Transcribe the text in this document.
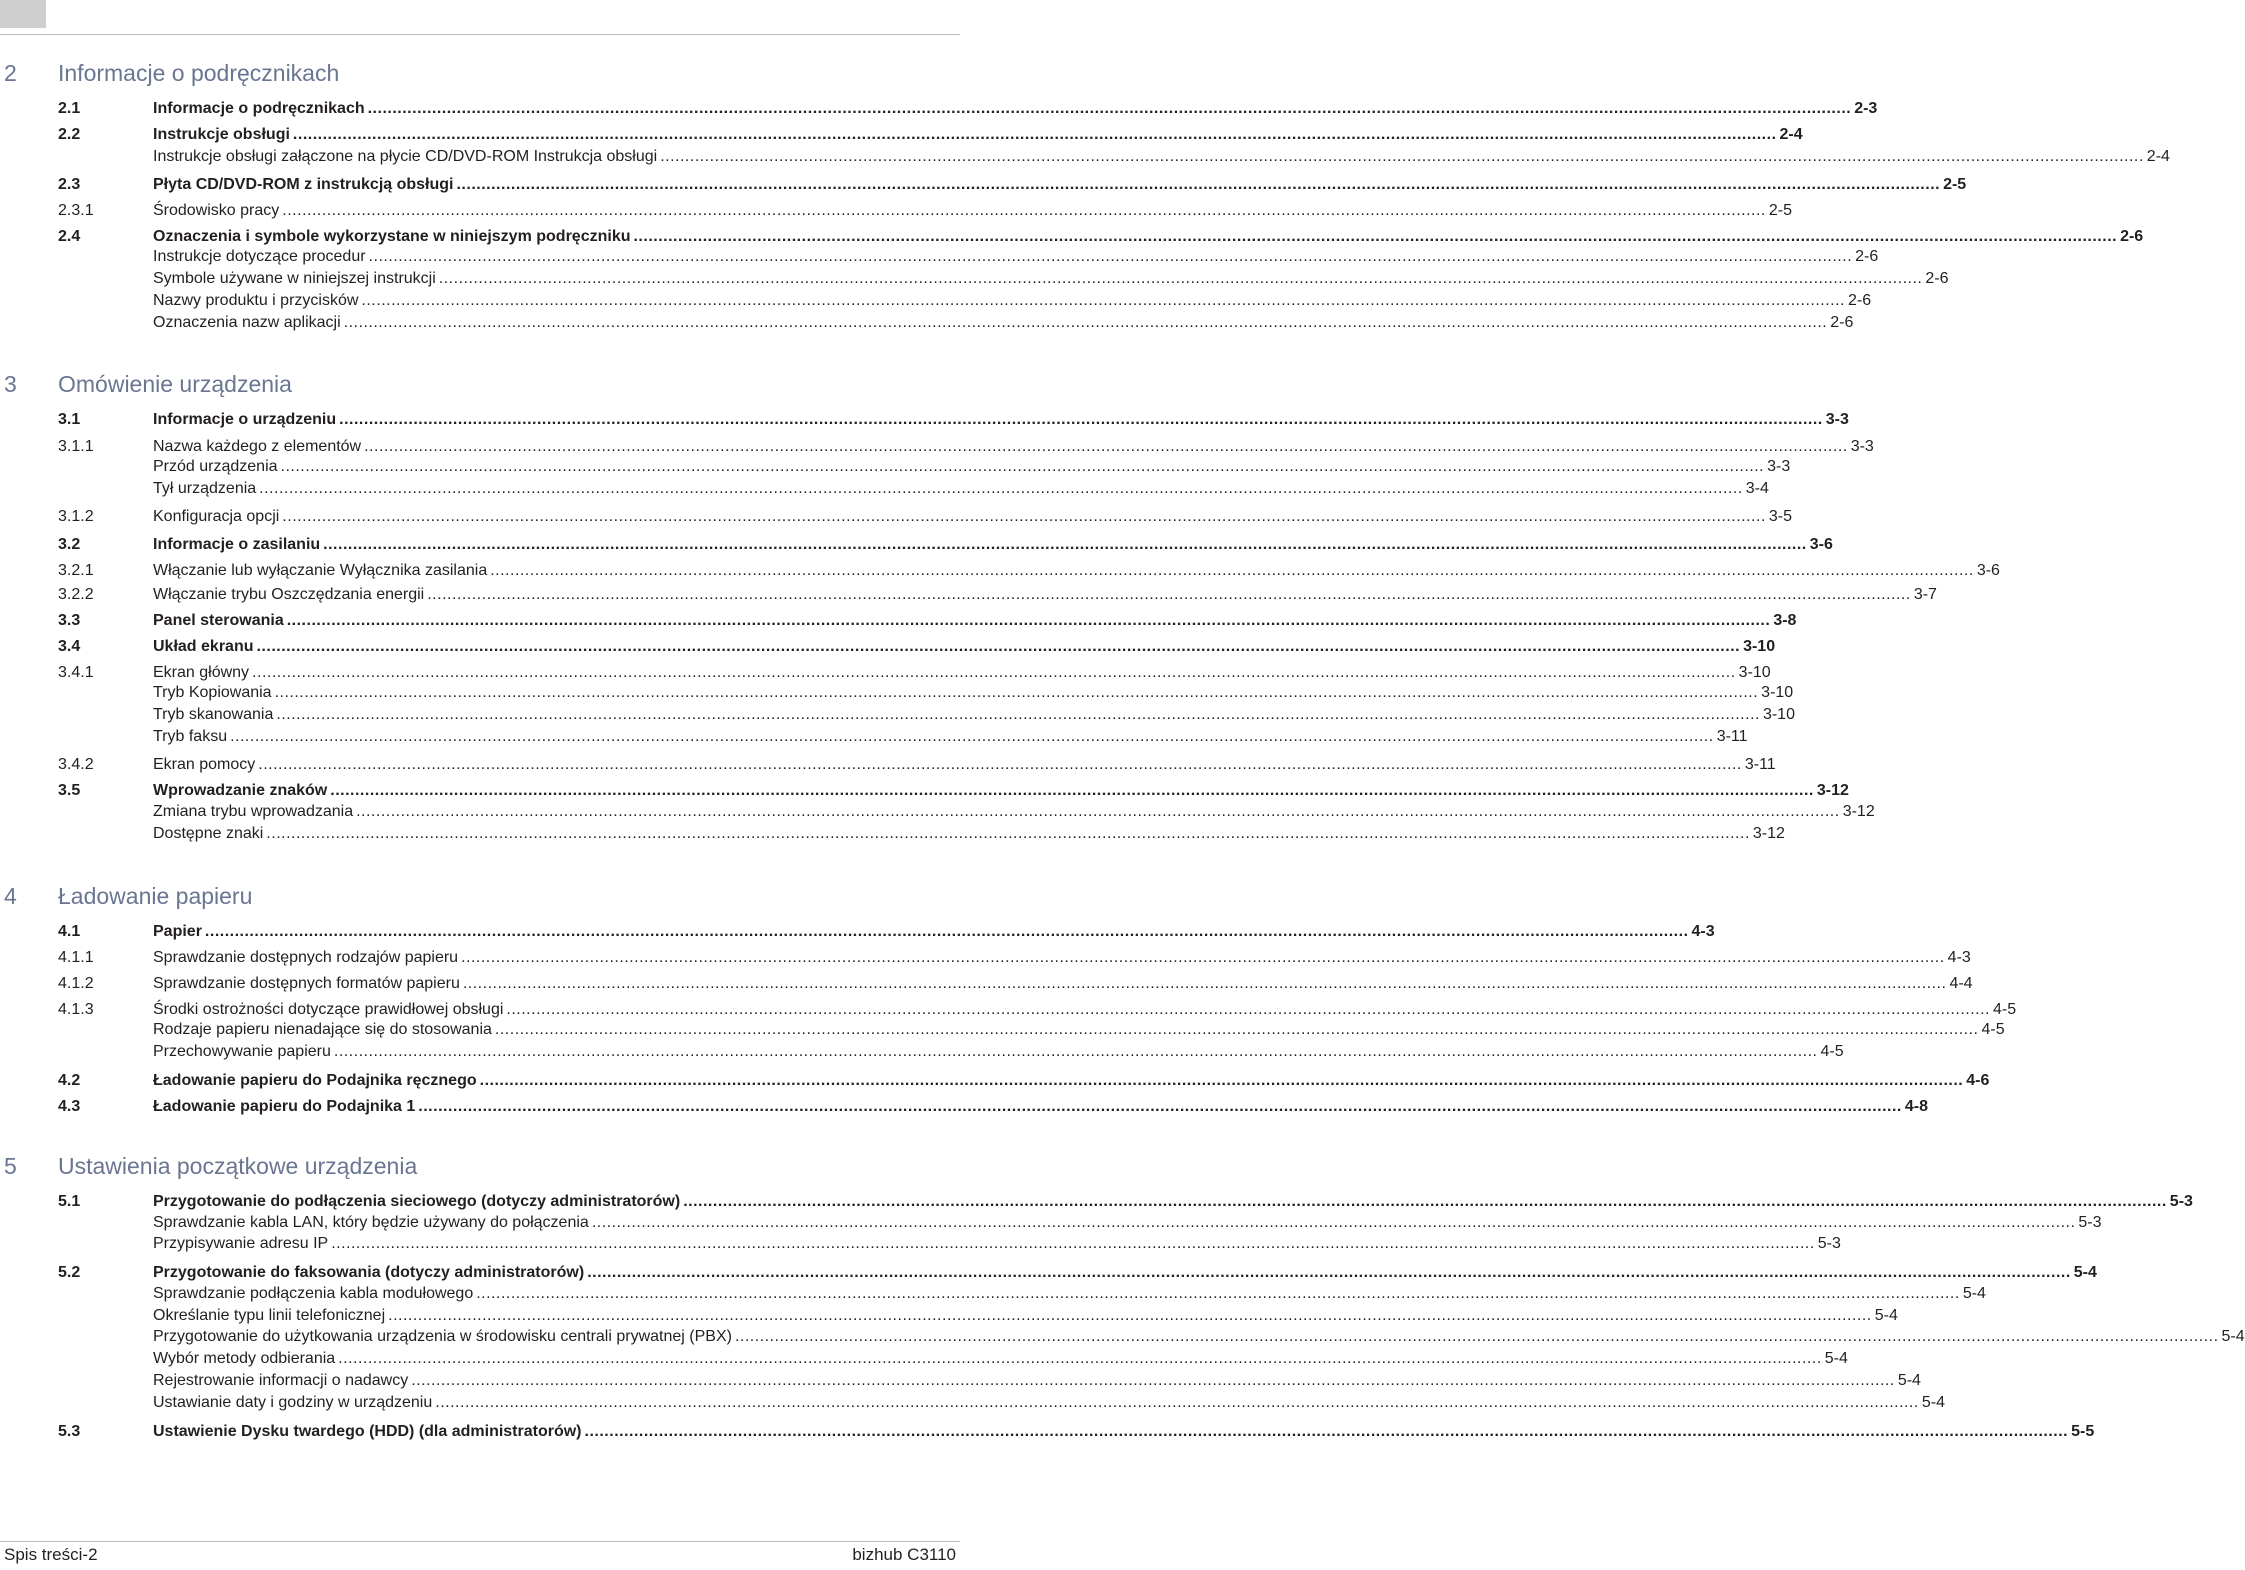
2 Informacje o podręcznikach
2.1	Informacje o podręcznikach ............................................................................................................................................................................................................................................................................................................ 2-3
2.2	Instrukcje obsługi ............................................................................................................................................................................................................................................................................................................ 2-4
Instrukcje obsługi załączone na płycie CD/DVD-ROM Instrukcja obsługi ............................................................................................................................................................................................................................................................................................................ 2-4
2.3	Płyta CD/DVD-ROM z instrukcją obsługi ............................................................................................................................................................................................................................................................................................................ 2-5
2.3.1	Środowisko pracy ............................................................................................................................................................................................................................................................................................................ 2-5
2.4	Oznaczenia i symbole wykorzystane w niniejszym podręczniku ............................................................................................................................................................................................................................................................................................................ 2-6
Instrukcje dotyczące procedur ............................................................................................................................................................................................................................................................................................................ 2-6
Symbole używane w niniejszej instrukcji ............................................................................................................................................................................................................................................................................................................ 2-6
Nazwy produktu i przycisków ............................................................................................................................................................................................................................................................................................................ 2-6
Oznaczenia nazw aplikacji ............................................................................................................................................................................................................................................................................................................ 2-6
3 Omówienie urządzenia
3.1	Informacje o urządzeniu ............................................................................................................................................................................................................................................................................................................ 3-3
3.1.1	Nazwa każdego z elementów ............................................................................................................................................................................................................................................................................................................ 3-3
Przód urządzenia ............................................................................................................................................................................................................................................................................................................ 3-3
Tył urządzenia ............................................................................................................................................................................................................................................................................................................ 3-4
3.1.2	Konfiguracja opcji ............................................................................................................................................................................................................................................................................................................ 3-5
3.2	Informacje o zasilaniu ............................................................................................................................................................................................................................................................................................................ 3-6
3.2.1	Włączanie lub wyłączanie Wyłącznika zasilania ............................................................................................................................................................................................................................................................................................................ 3-6
3.2.2	Włączanie trybu Oszczędzania energii ............................................................................................................................................................................................................................................................................................................ 3-7
3.3	Panel sterowania ............................................................................................................................................................................................................................................................................................................ 3-8
3.4	Układ ekranu ............................................................................................................................................................................................................................................................................................................ 3-10
3.4.1	Ekran główny ............................................................................................................................................................................................................................................................................................................ 3-10
Tryb Kopiowania ............................................................................................................................................................................................................................................................................................................ 3-10
Tryb skanowania ............................................................................................................................................................................................................................................................................................................ 3-10
Tryb faksu ............................................................................................................................................................................................................................................................................................................ 3-11
3.4.2	Ekran pomocy ............................................................................................................................................................................................................................................................................................................ 3-11
3.5	Wprowadzanie znaków ............................................................................................................................................................................................................................................................................................................ 3-12
Zmiana trybu wprowadzania ............................................................................................................................................................................................................................................................................................................ 3-12
Dostępne znaki ............................................................................................................................................................................................................................................................................................................ 3-12
4 Ładowanie papieru
4.1	Papier ............................................................................................................................................................................................................................................................................................................ 4-3
4.1.1	Sprawdzanie dostępnych rodzajów papieru ............................................................................................................................................................................................................................................................................................................ 4-3
4.1.2	Sprawdzanie dostępnych formatów papieru ............................................................................................................................................................................................................................................................................................................ 4-4
4.1.3	Środki ostrożności dotyczące prawidłowej obsługi ............................................................................................................................................................................................................................................................................................................ 4-5
Rodzaje papieru nienadające się do stosowania ............................................................................................................................................................................................................................................................................................................ 4-5
Przechowywanie papieru ............................................................................................................................................................................................................................................................................................................ 4-5
4.2	Ładowanie papieru do Podajnika ręcznego ............................................................................................................................................................................................................................................................................................................ 4-6
4.3	Ładowanie papieru do Podajnika 1 ............................................................................................................................................................................................................................................................................................................ 4-8
5 Ustawienia początkowe urządzenia
5.1	Przygotowanie do podłączenia sieciowego (dotyczy administratorów) ............................................................................................................................................................................................................................................................................................................ 5-3
Sprawdzanie kabla LAN, który będzie używany do połączenia ............................................................................................................................................................................................................................................................................................................ 5-3
Przypisywanie adresu IP ............................................................................................................................................................................................................................................................................................................ 5-3
5.2	Przygotowanie do faksowania (dotyczy administratorów) ............................................................................................................................................................................................................................................................................................................ 5-4
Sprawdzanie podłączenia kabla modułowego ............................................................................................................................................................................................................................................................................................................ 5-4
Określanie typu linii telefonicznej ............................................................................................................................................................................................................................................................................................................ 5-4
Przygotowanie do użytkowania urządzenia w środowisku centrali prywatnej (PBX) ............................................................................................................................................................................................................................................................................................................ 5-4
Wybór metody odbierania ............................................................................................................................................................................................................................................................................................................ 5-4
Rejestrowanie informacji o nadawcy ............................................................................................................................................................................................................................................................................................................ 5-4
Ustawianie daty i godziny w urządzeniu ............................................................................................................................................................................................................................................................................................................ 5-4
5.3	Ustawienie Dysku twardego (HDD) (dla administratorów) ............................................................................................................................................................................................................................................................................................................ 5-5
Spis treści-2	bizhub C3110
